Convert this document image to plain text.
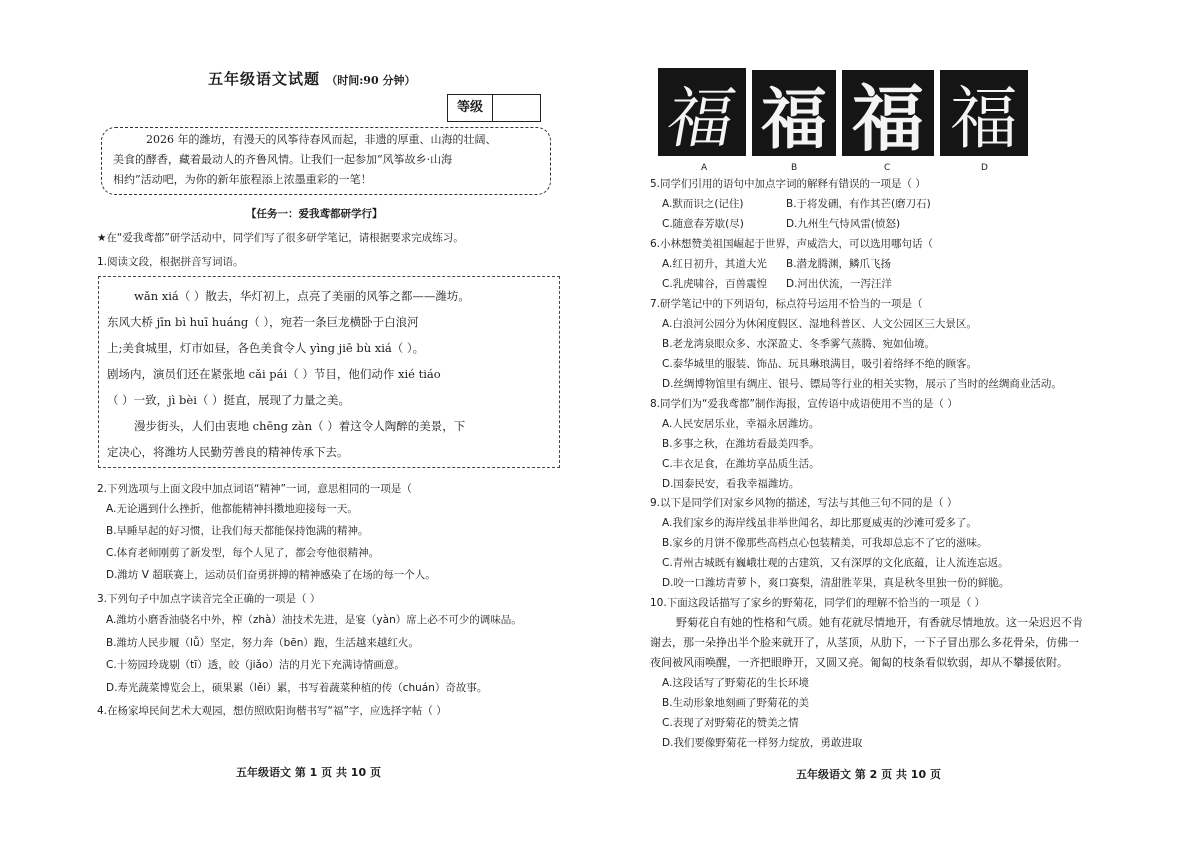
五年级语文试题 （时间:90 分钟）
等级
2026 年的潍坊，有漫天的风筝待春风而起，非遗的厚重、山海的壮阔、
美食的酵香，藏着最动人的齐鲁风情。让我们一起参加“风筝故乡·山海
相约”活动吧，为你的新年旅程添上浓墨重彩的一笔！
【任务一：爱我鸢都研学行】
★在“爱我鸢都”研学活动中，同学们写了很多研学笔记，请根据要求完成练习。
1.阅读文段，根据拼音写词语。
wǎn xiá（ ）散去，华灯初上，点亮了美丽的风筝之都——潍坊。
东风大桥 jīn bì huī huáng（ ），宛若一条巨龙横卧于白浪河
上;美食城里，灯市如昼，各色美食令人 yìng jiē bù xiá（ ）。
剧场内，演员们还在紧张地 cǎi pái（ ）节目，他们动作 xié tiáo
（ ）一致，jì bèi（ ）挺直，展现了力量之美。
漫步街头，人们由衷地 chēng zàn（ ）着这令人陶醉的美景，下
定决心，将潍坊人民勤劳善良的精神传承下去。
2.下列选项与上面文段中加点词语“精神”一词，意思相同的一项是（
A.无论遇到什么挫折，他都能精神抖擞地迎接每一天。
B.早睡早起的好习惯，让我们每天都能保持饱满的精神。
C.体育老师刚剪了新发型，每个人见了，都会夸他很精神。
D.潍坊 V 超联赛上，运动员们奋勇拼搏的精神感染了在场的每一个人。
3.下列句子中加点字读音完全正确的一项是（ ）
A.潍坊小磨香油骁名中外，榨（zhà）油技术先进，是宴（yàn）席上必不可少的调味品。
B.潍坊人民步履（lǚ）坚定，努力奔（bēn）跑，生活越来越红火。
C.十笏园玲珑剔（tī）透，皎（jiǎo）洁的月光下充满诗情画意。
D.寿光蔬菜博览会上，硕果累（lěi）累，书写着蔬菜种植的传（chuán）奇故事。
4.在杨家埠民间艺术大观园，想仿照欧阳询楷书写“福”字，应选择字帖（ ）
五年级语文 第 1 页 共 10 页
福 福 福 福
A	B	C	D
5.同学们引用的语句中加点字词的解释有错误的一项是（ ）
A.默而识之(记住)	B.于将发硎，有作其芒(磨刀石)
C.随意春芳歇(尽)	D.九州生气恃风雷(愤怒)
6.小林想赞美祖国崛起于世界，声威浩大，可以选用哪句话（
A.红日初升，其道大光 B.潜龙腾渊，鳞爪飞扬
C.乳虎啸谷，百兽震惶 D.河出伏流，一泻汪洋
7.研学笔记中的下列语句，标点符号运用不恰当的一项是（
A.白浪河公园分为休闲度假区、湿地科普区、人文公园区三大景区。
B.老龙湾泉眼众多、水深盈丈、冬季雾气蒸腾、宛如仙境。
C.泰华城里的服装、饰品、玩具琳琅满目，吸引着络绎不绝的顾客。
D.丝绸博物馆里有绸庄、银号、镖局等行业的相关实物，展示了当时的丝绸商业活动。
8.同学们为“爱我鸢都”制作海报，宣传语中成语使用不当的是（ ）
A.人民安居乐业，幸福永居潍坊。
B.多事之秋，在潍坊看最美四季。
C.丰衣足食，在潍坊享品质生活。
D.国泰民安，看我幸福潍坊。
9.以下是同学们对家乡风物的描述，写法与其他三句不同的是（ ）
A.我们家乡的海岸线虽非举世闻名，却比那夏威夷的沙滩可爱多了。
B.家乡的月饼不像那些高档点心包装精美，可我却总忘不了它的滋味。
C.青州古城既有巍峨壮观的古建筑，又有深厚的文化底蕴，让人流连忘返。
D.咬一口潍坊青萝卜，爽口赛梨，清甜胜苹果，真是秋冬里独一份的鲜脆。
10.下面这段话描写了家乡的野菊花，同学们的理解不恰当的一项是（ ）
野菊花自有她的性格和气质。她有花就尽情地开，有香就尽情地放。这一朵迟迟不肯
谢去，那一朵挣出半个脸来就开了，从茎顶，从肋下，一下子冒出那么多花骨朵，仿佛一
夜间被风雨唤醒，一齐把眼睁开，又圆又亮。匍匐的枝条看似软弱，却从不攀援依附。
A.这段话写了野菊花的生长环境
B.生动形象地刻画了野菊花的美
C.表现了对野菊花的赞美之情
D.我们要像野菊花一样努力绽放，勇敢进取
五年级语文 第 2 页 共 10 页
